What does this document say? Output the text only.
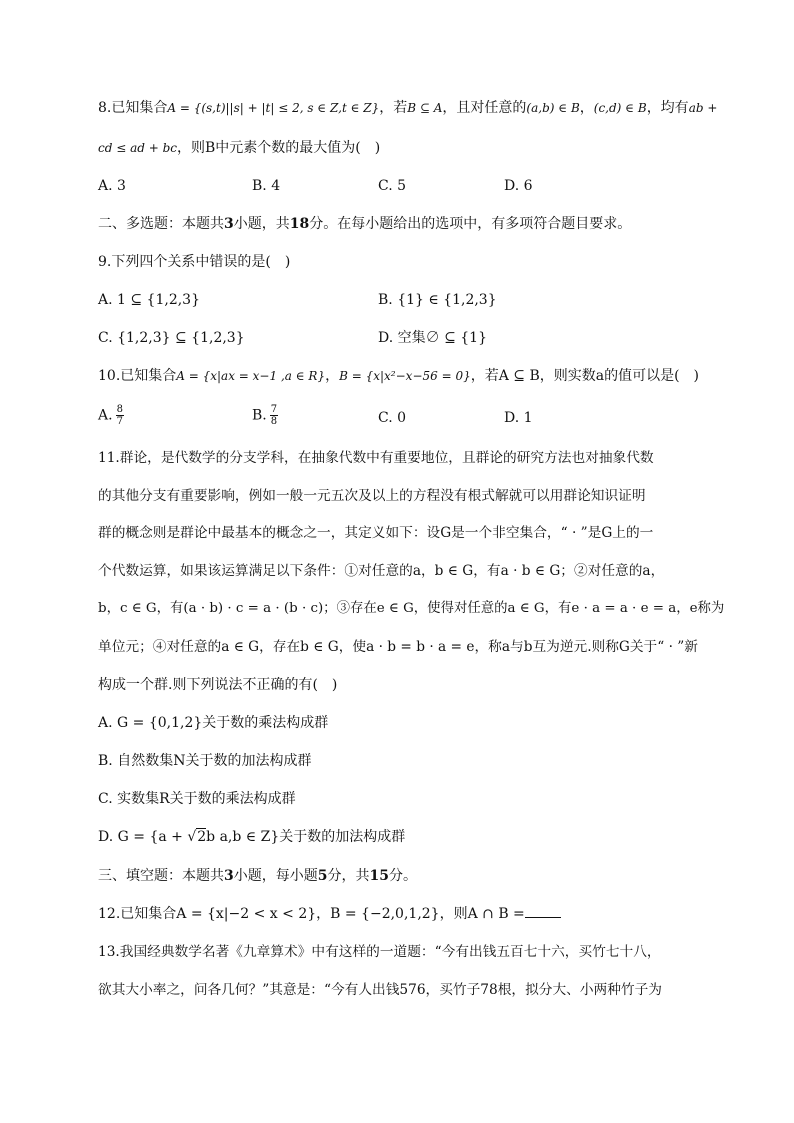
8.已知集合A = {(s,t)||s| + |t| ≤ 2, s ∈ Z,t ∈ Z}，若B ⊆ A，且对任意的(a,b) ∈ B，(c,d) ∈ B，均有ab +
cd ≤ ad + bc，则B中元素个数的最大值为(　)
A. 3	B. 4	C. 5	D. 6
二、多选题：本题共3小题，共18分。在每小题给出的选项中，有多项符合题目要求。
9.下列四个关系中错误的是(　)
A. 1 ⊆ {1,2,3}	B. {1} ∈ {1,2,3}
C. {1,2,3} ⊆ {1,2,3}	D. 空集∅ ⊆ {1}
10.已知集合A = {x|ax = x−1 ,a ∈ R}，B = {x|x²−x−56 = 0}，若A ⊆ B，则实数a的值可以是(　)
A. $\frac{8}{7}$	B. $\frac{7}{8}$	C. 0	D. 1
11.群论，是代数学的分支学科，在抽象代数中有重要地位，且群论的研究方法也对抽象代数
的其他分支有重要影响，例如一般一元五次及以上的方程没有根式解就可以用群论知识证明
群的概念则是群论中最基本的概念之一，其定义如下：设G是一个非空集合，“ · ”是G上的一
个代数运算，如果该运算满足以下条件：①对任意的a，b ∈ G，有a · b ∈ G；②对任意的a，
b，c ∈ G，有(a · b) · c = a · (b · c)；③存在e ∈ G，使得对任意的a ∈ G，有e · a = a · e = a，e称为
单位元；④对任意的a ∈ G，存在b ∈ G，使a · b = b · a = e，称a与b互为逆元.则称G关于“ · ”新
构成一个群.则下列说法不正确的有(　)
A. G = {0,1,2}关于数的乘法构成群
B. 自然数集N关于数的加法构成群
C. 实数集R关于数的乘法构成群
D. G = {a + √2b a,b ∈ Z}关于数的加法构成群
三、填空题：本题共3小题，每小题5分，共15分。
12.已知集合A = {x|−2 < x < 2}，B = {−2,0,1,2}，则A ∩ B =
13.我国经典数学名著《九章算术》中有这样的一道题：“今有出钱五百七十六，买竹七十八，
欲其大小率之，问各几何？”其意是：“今有人出钱576，买竹子78根，拟分大、小两种竹子为
